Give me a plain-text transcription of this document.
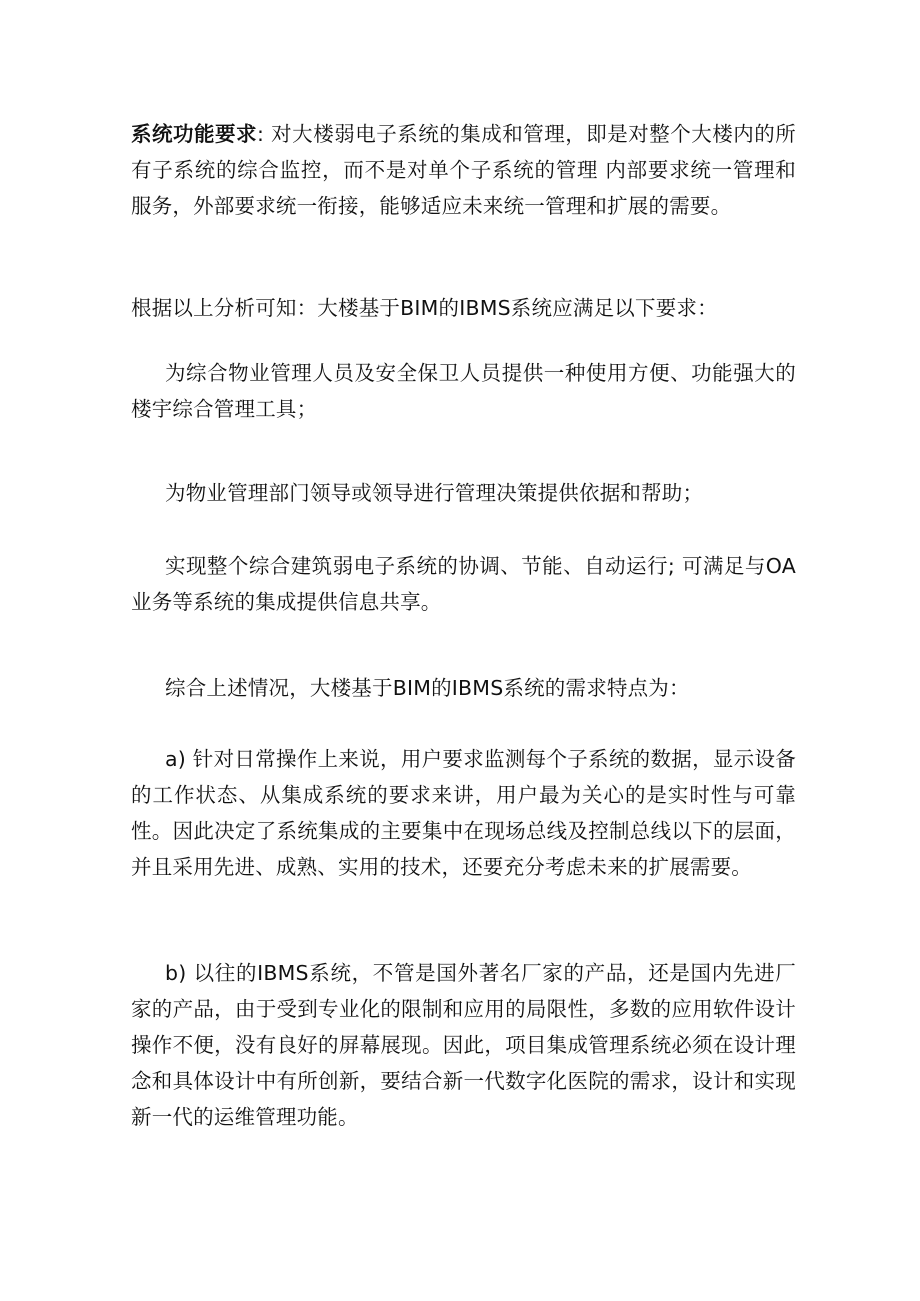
系统功能要求: 对大楼弱电子系统的集成和管理，即是对整个大楼内的所有子系统的综合监控，而不是对单个子系统的管理 内部要求统一管理和服务，外部要求统一衔接，能够适应未来统一管理和扩展的需要。

根据以上分析可知：大楼基于BIM的IBMS系统应满足以下要求：

为综合物业管理人员及安全保卫人员提供一种使用方便、功能强大的楼宇综合管理工具；

为物业管理部门领导或领导进行管理决策提供依据和帮助；

实现整个综合建筑弱电子系统的协调、节能、自动运行; 可满足与OA业务等系统的集成提供信息共享。

综合上述情况，大楼基于BIM的IBMS系统的需求特点为：

a) 针对日常操作上来说，用户要求监测每个子系统的数据，显示设备的工作状态、从集成系统的要求来讲，用户最为关心的是实时性与可靠性。因此决定了系统集成的主要集中在现场总线及控制总线以下的层面，并且采用先进、成熟、实用的技术，还要充分考虑未来的扩展需要。

b) 以往的IBMS系统，不管是国外著名厂家的产品，还是国内先进厂家的产品，由于受到专业化的限制和应用的局限性，多数的应用软件设计操作不便，没有良好的屏幕展现。因此，项目集成管理系统必须在设计理念和具体设计中有所创新，要结合新一代数字化医院的需求，设计和实现新一代的运维管理功能。
